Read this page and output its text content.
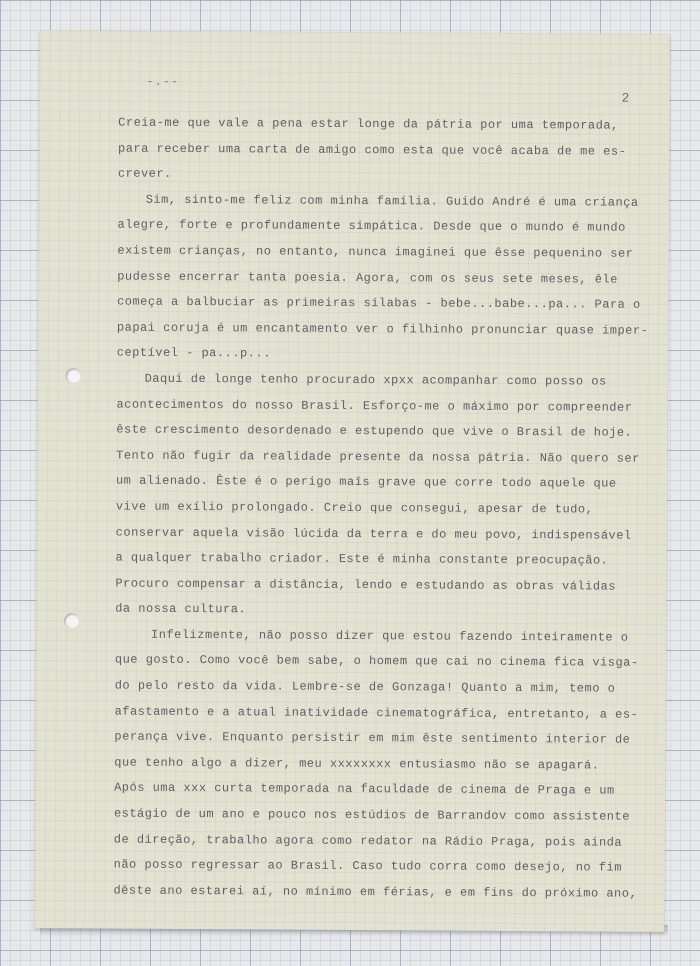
-.--
2
Creia-me que vale a pena estar longe da pátria por uma temporada,
para receber uma carta de amigo como esta que você acaba de me es-
crever.
Sim, sinto-me feliz com minha família. Guido André é uma criança
alegre, forte e profundamente simpática. Desde que o mundo é mundo
existem crianças, no entanto, nunca imaginei que êsse pequenino ser
pudesse encerrar tanta poesia. Agora, com os seus sete meses, êle
começa a balbuciar as primeiras sílabas - bebe...babe...pa... Para o
papai coruja é um encantamento ver o filhinho pronunciar quase imper-
ceptível - pa...p...
Daqui de longe tenho procurado xpxx acompanhar como posso os
acontecimentos do nosso Brasil. Esforço-me o máximo por compreender
êste crescimento desordenado e estupendo que vive o Brasil de hoje.
Tento não fugir da realidade presente da nossa pátria. Não quero ser
um alienado. Êste é o perigo maîs grave que corre todo aquele que
vive um exílio prolongado. Creio que consegui, apesar de tudo,
conservar aquela visão lúcida da terra e do meu povo, indispensável
a qualquer trabalho criador. Este é minha constante preocupação.
Procuro compensar a distância, lendo e estudando as obras válidas
da nossa cultura.
Infelizmente, não posso dizer que estou fazendo inteiramente o
que gosto. Como você bem sabe, o homem que cai no cinema fica visga-
do pelo resto da vida. Lembre-se de Gonzaga! Quanto a mim, temo o
afastamento e a atual inatividade cinematográfica, entretanto, a es-
perança vive. Enquanto persistir em mim êste sentimento interior de
que tenho algo a dizer, meu xxxxxxxx entusiasmo não se apagará.
Após uma xxx curta temporada na faculdade de cinema de Praga e um
estágio de um ano e pouco nos estúdios de Barrandov como assistente
de direção, trabalho agora como redator na Rádio Praga, pois ainda
não posso regressar ao Brasil. Caso tudo corra como desejo, no fim
dêste ano estarei aí, no mínimo em férias, e em fins do próximo ano,
